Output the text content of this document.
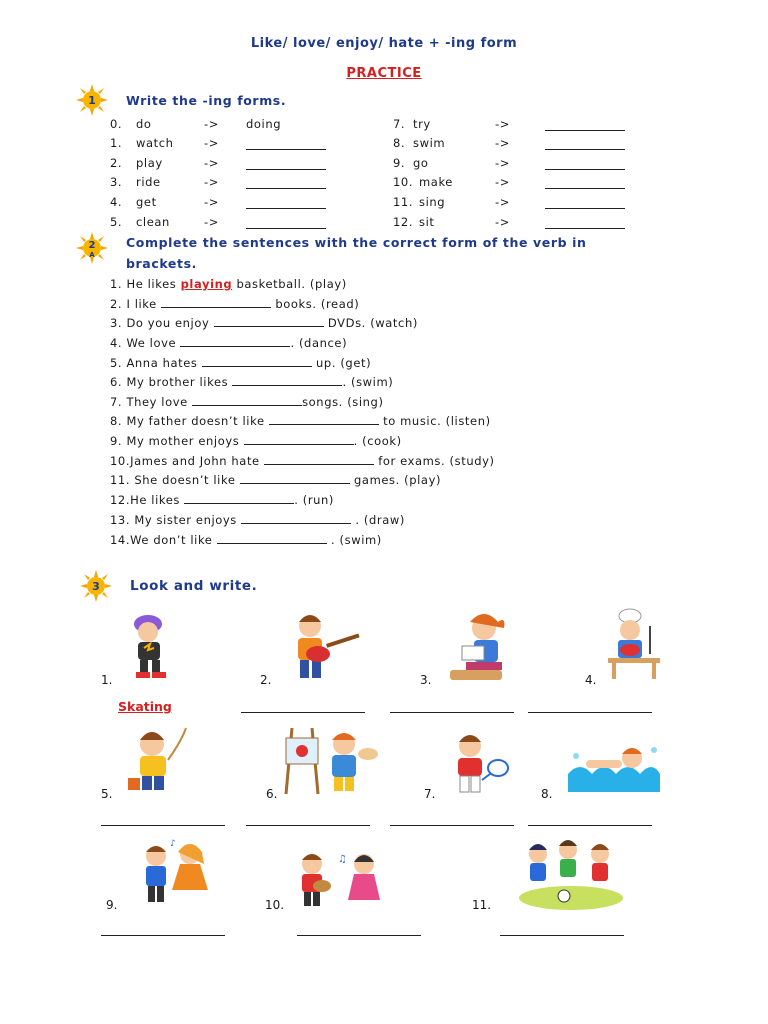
Like/ love/ enjoy/ hate + -ing form
PRACTICE
1 Write the -ing forms.
0. do	-> doing
1. watch	->
2. play	->
3. ride	->
4. get	->
5. clean	->
7. try	->
8. swim	->
9. go	->
10. make	->
11. sing	->
12. sit	->
2
A
Complete the sentences with the correct form of the verb in
brackets.
1. He likes playing basketball. (play)
2. I like	books. (read)
3. Do you enjoy	DVDs. (watch)
4. We love	. (dance)
5. Anna hates	up. (get)
6. My brother likes	. (swim)
7. They love	songs. (sing)
8. My father doesn’t like	to music. (listen)
9. My mother enjoys	. (cook)
10.James and John hate	for exams. (study)
11. She doesn’t like	games. (play)
12.He likes	. (run)
13. My sister enjoys	. (draw)
14.We don’t like	. (swim)
3 Look and write.
1.	2.	3.	4.
Skating
5.	6.	7.	8.
♪
♫
9.	10.	11.
